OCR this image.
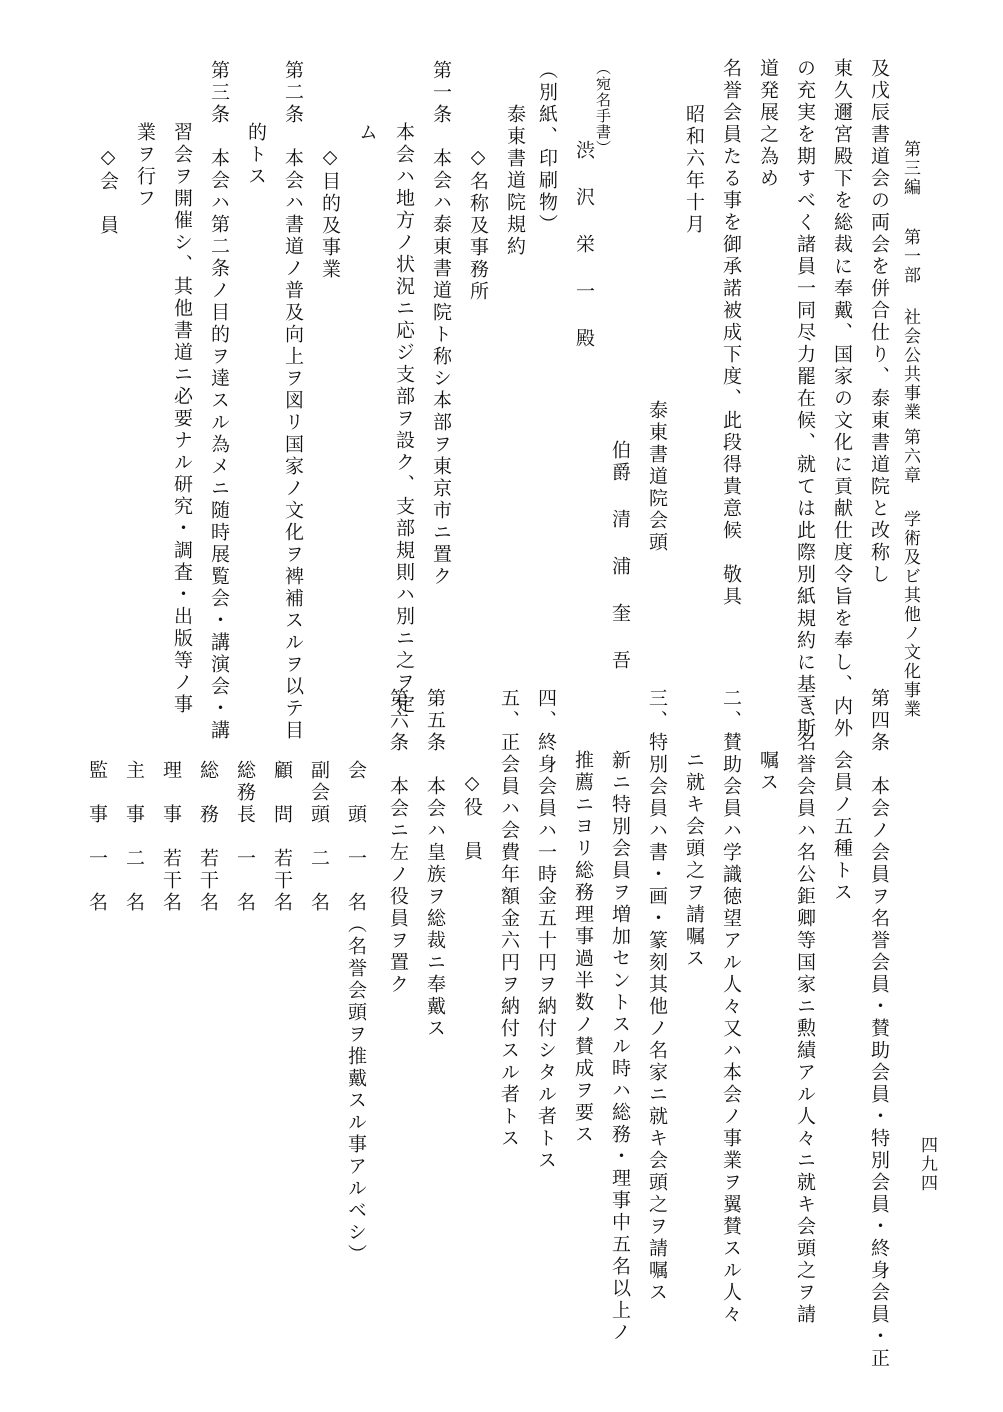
第三編
第一部
社会公共事業
第六章
学術及ビ其他ノ文化事業
四九四
及戊辰書道会の両会を併合仕り、泰東書道院と改称し
東久邇宮殿下を総裁に奉戴、国家の文化に貢献仕度令旨を奉し、内外
の充実を期すべく諸員一同尽力罷在候、就ては此際別紙規約に基き斯
道発展之為め
名誉会員たる事を御承諾被成下度、此段得貴意候　敬具
昭和六年十月
泰東書道院会頭
伯爵 清 浦 奎 吾
（宛名手書）
渋 沢 栄 一 殿
（別紙、印刷物）
泰東書道院規約
◇名称及事務所
第一条　本会ハ泰東書道院ト称シ本部ヲ東京市ニ置ク
本会ハ地方ノ状況ニ応ジ支部ヲ設ク、支部規則ハ別ニ之ヲ定
ム
◇目的及事業
第二条　本会ハ書道ノ普及向上ヲ図リ国家ノ文化ヲ裨補スルヲ以テ目
的トス
第三条　本会ハ第二条ノ目的ヲ達スル為メニ随時展覧会・講演会・講
習会ヲ開催シ、其他書道ニ必要ナル研究・調査・出版等ノ事
業ヲ行フ
◇会　員
第四条　本会ノ会員ヲ名誉会員・賛助会員・特別会員・終身会員・正
会員ノ五種トス
一、名誉会員ハ名公鉅卿等国家ニ勲績アル人々ニ就キ会頭之ヲ請
嘱ス
二、賛助会員ハ学識徳望アル人々又ハ本会ノ事業ヲ翼賛スル人々
ニ就キ会頭之ヲ請嘱ス
三、特別会員ハ書・画・篆刻其他ノ名家ニ就キ会頭之ヲ請嘱ス
新ニ特別会員ヲ増加セントスル時ハ総務・理事中五名以上ノ
推薦ニヨリ総務理事過半数ノ賛成ヲ要ス
四、終身会員ハ一時金五十円ヲ納付シタル者トス
五、正会員ハ会費年額金六円ヲ納付スル者トス
◇役　員
第五条　本会ハ皇族ヲ総裁ニ奉戴ス
第六条　本会ニ左ノ役員ヲ置ク
会　頭　一　名（名誉会頭ヲ推戴スル事アルベシ）
副会頭　二　名
顧　問　若干名
総務長　一　名
総　務　若干名
理　事　若干名
主　事　二　名
監　事　一　名
